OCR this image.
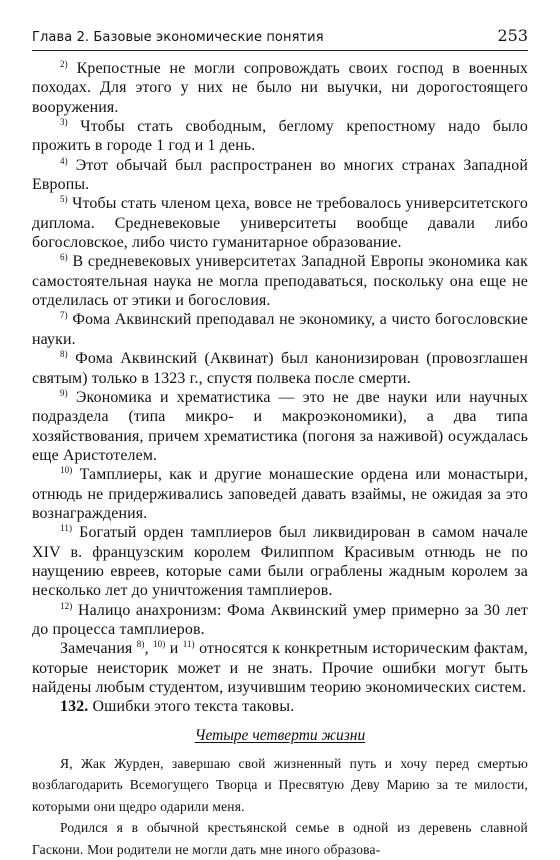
Глава 2. Базовые экономические понятия	253

$^{2)}$ Крепостные не могли сопровождать своих господ в военных походах. Для этого у них не было ни выучки, ни дорогостоящего вооружения.

$^{3)}$ Чтобы стать свободным, беглому крепостному надо было прожить в городе 1 год и 1 день.

$^{4)}$ Этот обычай был распространен во многих странах Западной Европы.

$^{5)}$ Чтобы стать членом цеха, вовсе не требовалось университетского диплома. Средневековые университеты вообще давали либо богословское, либо чисто гуманитарное образование.

$^{6)}$ В средневековых университетах Западной Европы экономика как самостоятельная наука не могла преподаваться, поскольку она еще не отделилась от этики и богословия.

$^{7)}$ Фома Аквинский преподавал не экономику, а чисто богословские науки.

$^{8)}$ Фома Аквинский (Аквинат) был канонизирован (провозглашен святым) только в 1323 г., спустя полвека после смерти.

$^{9)}$ Экономика и хрематистика — это не две науки или научных подраздела (типа микро- и макроэкономики), а два типа хозяйствования, причем хрематистика (погоня за наживой) осуждалась еще Аристотелем.

$^{10)}$ Тамплиеры, как и другие монашеские ордена или монастыри, отнюдь не придерживались заповедей давать взаймы, не ожидая за это вознаграждения.

$^{11)}$ Богатый орден тамплиеров был ликвидирован в самом начале XIV в. французским королем Филиппом Красивым отнюдь не по наущению евреев, которые сами были ограблены жадным королем за несколько лет до уничтожения тамплиеров.

$^{12)}$ Налицо анахронизм: Фома Аквинский умер примерно за 30 лет до процесса тамплиеров.

Замечания $^{8)}$, $^{10)}$ и $^{11)}$ относятся к конкретным историческим фактам, которые неисторик может и не знать. Прочие ошибки могут быть найдены любым студентом, изучившим теорию экономических систем.

132. Ошибки этого текста таковы.

Четыре четверти жизни

Я, Жак Журден, завершаю свой жизненный путь и хочу перед смертью возблагодарить Всемогущего Творца и Пресвятую Деву Марию за те милости, которыми они щедро одарили меня.

Родился я в обычной крестьянской семье в одной из деревень славной Гаскони. Мои родители не могли дать мне иного образова-
